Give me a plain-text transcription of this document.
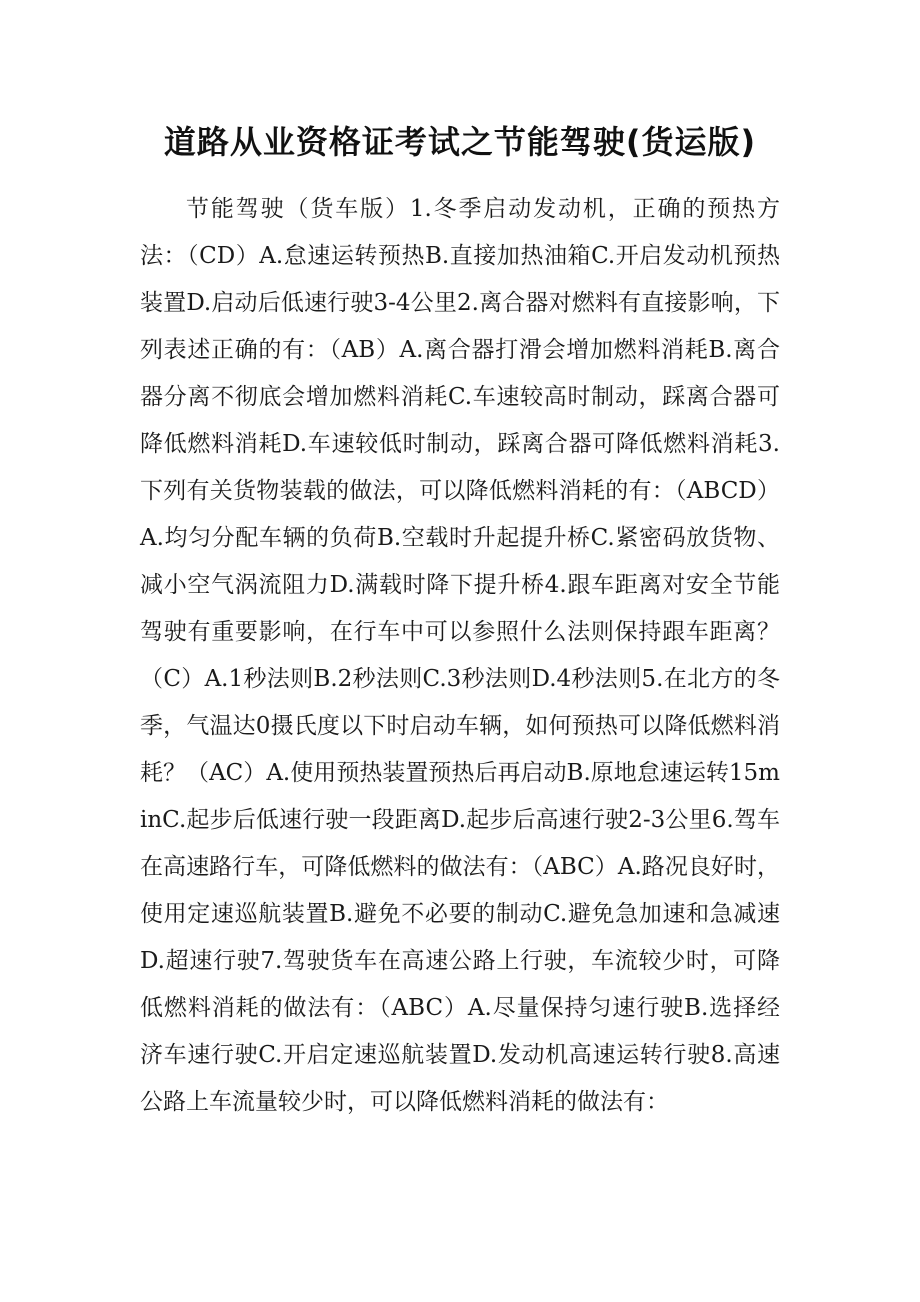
道路从业资格证考试之节能驾驶(货运版)
节能驾驶（货车版）1.冬季启动发动机，正确的预热方法：（CD）A.怠速运转预热B.直接加热油箱C.开启发动机预热装置D.启动后低速行驶3-4公里2.离合器对燃料有直接影响，下列表述正确的有：（AB）A.离合器打滑会增加燃料消耗B.离合器分离不彻底会增加燃料消耗C.车速较高时制动，踩离合器可降低燃料消耗D.车速较低时制动，踩离合器可降低燃料消耗3.下列有关货物装载的做法，可以降低燃料消耗的有：（ABCD）A.均匀分配车辆的负荷B.空载时升起提升桥C.紧密码放货物、减小空气涡流阻力D.满载时降下提升桥4.跟车距离对安全节能驾驶有重要影响，在行车中可以参照什么法则保持跟车距离？（C）A.1秒法则B.2秒法则C.3秒法则D.4秒法则5.在北方的冬季，气温达0摄氏度以下时启动车辆，如何预热可以降低燃料消耗？（AC）A.使用预热装置预热后再启动B.原地怠速运转15minC.起步后低速行驶一段距离D.起步后高速行驶2-3公里6.驾车在高速路行车，可降低燃料的做法有：（ABC）A.路况良好时，使用定速巡航装置B.避免不必要的制动C.避免急加速和急减速D.超速行驶7.驾驶货车在高速公路上行驶，车流较少时，可降低燃料消耗的做法有：（ABC）A.尽量保持匀速行驶B.选择经济车速行驶C.开启定速巡航装置D.发动机高速运转行驶8.高速公路上车流量较少时，可以降低燃料消耗的做法有：
